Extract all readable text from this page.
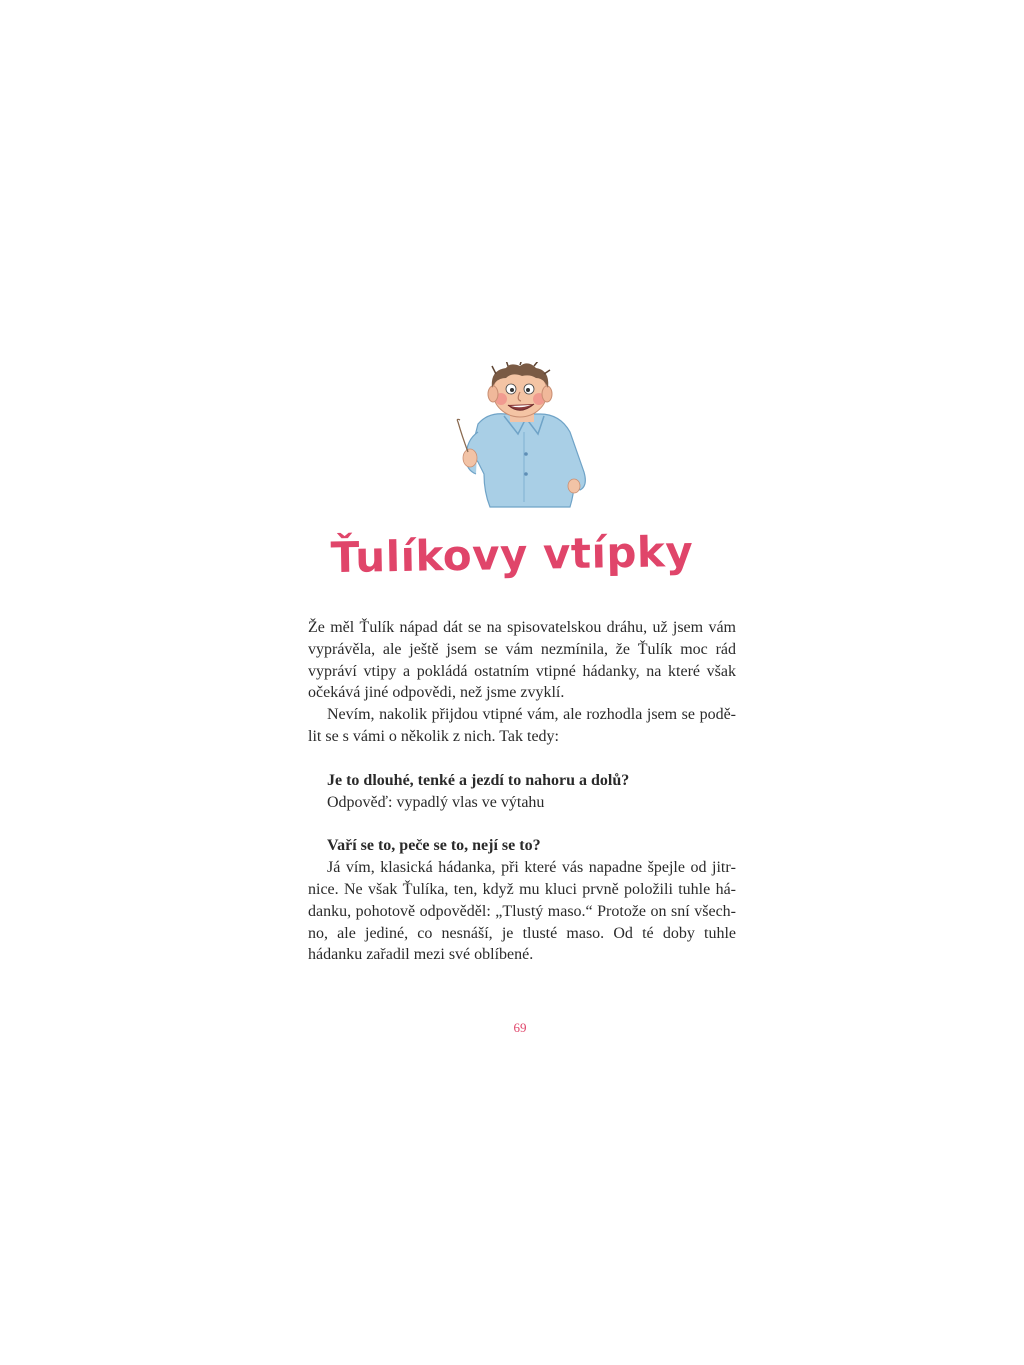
Ťulíkovy vtípky

Že měl Ťulík nápad dát se na spisovatelskou dráhu, už jsem vám vyprávěla, ale ještě jsem se vám nezmínila, že Ťulík moc rád vypráví vtipy a pokládá ostatním vtipné hádanky, na které však očekává jiné odpovědi, než jsme zvyklí.

Nevím, nakolik přijdou vtipné vám, ale rozhodla jsem se podělit se s vámi o několik z nich. Tak tedy:

Je to dlouhé, tenké a jezdí to nahoru a dolů?

Odpověď: vypadlý vlas ve výtahu

Vaří se to, peče se to, nejí se to?

Já vím, klasická hádanka, při které vás napadne špejle od jitrnice. Ne však Ťulíka, ten, když mu kluci prvně položili tuhle hádanku, pohotově odpověděl: „Tlustý maso.“ Protože on sní všechno, ale jediné, co nesnáší, je tlusté maso. Od té doby tuhle hádanku zařadil mezi své oblíbené.

69
